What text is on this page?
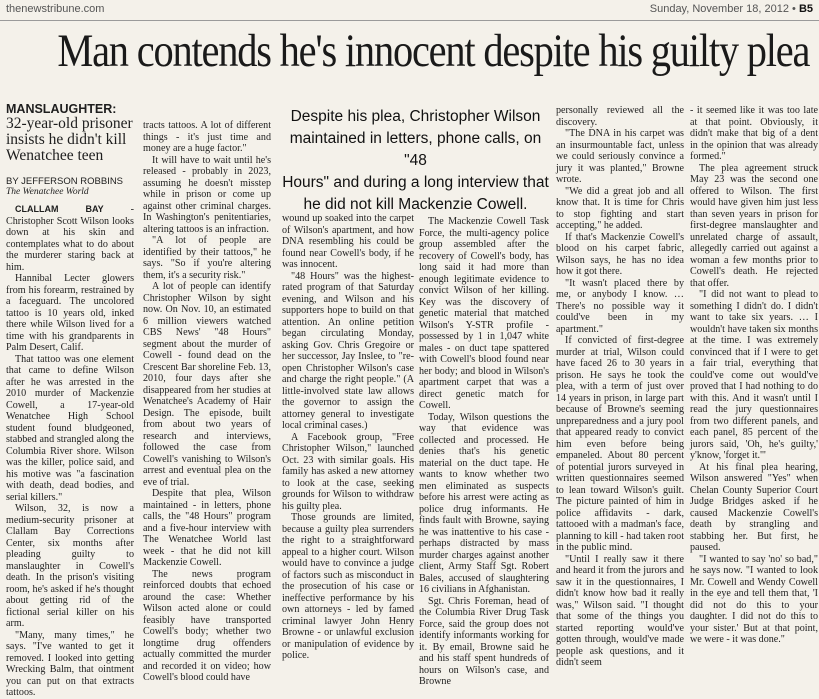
thenewstribune.com	Sunday, November 18, 2012 • B5
Man contends he's innocent despite his guilty plea

MANSLAUGHTER:

32-year-old prisoner insists he didn't kill Wenatchee teen

BY JEFFERSON ROBBINS

The Wenatchee World

CLALLAM BAY - Christopher Scott Wilson looks down at his skin and contemplates what to do about the murderer staring back at him.

Hannibal Lecter glowers from his forearm, restrained by a faceguard. The uncolored tattoo is 10 years old, inked there while Wilson lived for a time with his grandparents in Palm Desert, Calif.

That tattoo was one element that came to define Wilson after he was arrested in the 2010 murder of Mackenzie Cowell, a 17-year-old Wenatchee High School student found bludgeoned, stabbed and strangled along the Columbia River shore. Wilson was the killer, police said, and his motive was "a fascination with death, dead bodies, and serial killers."

Wilson, 32, is now a medium-security prisoner at Clallam Bay Corrections Center, six months after pleading guilty to manslaughter in Cowell's death. In the prison's visiting room, he's asked if he's thought about getting rid of the fictional serial killer on his arm.

"Many, many times," he says. "I've wanted to get it removed. I looked into getting Wrecking Balm, that ointment you can put on that extracts tattoos.

tracts tattoos. A lot of different things - it's just time and money are a huge factor."

It will have to wait until he's released - probably in 2023, assuming he doesn't misstep while in prison or come up against other criminal charges. In Washington's penitentiaries, altering tattoos is an infraction.

"A lot of people are identified by their tattoos," he says. "So if you're altering them, it's a security risk."

A lot of people can identify Christopher Wilson by sight now. On Nov. 10, an estimated 6 million viewers watched CBS News' "48 Hours" segment about the murder of Cowell - found dead on the Crescent Bar shoreline Feb. 13, 2010, four days after she disappeared from her studies at Wenatchee's Academy of Hair Design. The episode, built from about two years of research and interviews, followed the case from Cowell's vanishing to Wilson's arrest and eventual plea on the eve of trial.

Despite that plea, Wilson maintained - in letters, phone calls, the "48 Hours" program and a five-hour interview with The Wenatchee World last week - that he did not kill Mackenzie Cowell.

The news program reinforced doubts that echoed around the case: Whether Wilson acted alone or could feasibly have transported Cowell's body; whether two longtime drug offenders actually committed the murder and recorded it on video; how Cowell's blood could have

Despite his plea, Christopher Wilson
maintained in letters, phone calls, on "48
Hours" and during a long interview that
he did not kill Mackenzie Cowell.

wound up soaked into the carpet of Wilson's apartment, and how DNA resembling his could be found near Cowell's body, if he was innocent.

"48 Hours" was the highest-rated program of that Saturday evening, and Wilson and his supporters hope to build on that attention. An online petition began circulating Monday, asking Gov. Chris Gregoire or her successor, Jay Inslee, to "re-open Christopher Wilson's case and charge the right people." (A little-involved state law allows the governor to assign the attorney general to investigate local criminal cases.)

A Facebook group, "Free Christopher Wilson," launched Oct. 23 with similar goals. His family has asked a new attorney to look at the case, seeking grounds for Wilson to withdraw his guilty plea.

Those grounds are limited, because a guilty plea surrenders the right to a straightforward appeal to a higher court. Wilson would have to convince a judge of factors such as misconduct in the prosecution of his case or ineffective performance by his own attorneys - led by famed criminal lawyer John Henry Browne - or unlawful exclusion or manipulation of evidence by police.

The Mackenzie Cowell Task Force, the multi-agency police group assembled after the recovery of Cowell's body, has long said it had more than enough legitimate evidence to convict Wilson of her killing. Key was the discovery of genetic material that matched Wilson's Y-STR profile - possessed by 1 in 1,047 white males - on duct tape spattered with Cowell's blood found near her body; and blood in Wilson's apartment carpet that was a direct genetic match for Cowell.

Today, Wilson questions the way that evidence was collected and processed. He denies that's his genetic material on the duct tape. He wants to know whether two men eliminated as suspects before his arrest were acting as police drug informants. He finds fault with Browne, saying he was inattentive to his case - perhaps distracted by mass murder charges against another client, Army Staff Sgt. Robert Bales, accused of slaughtering 16 civilians in Afghanistan.

Sgt. Chris Foreman, head of the Columbia River Drug Task Force, said the group does not identify informants working for it. By email, Browne said he and his staff spent hundreds of hours on Wilson's case, and Browne

personally reviewed all the discovery.

"The DNA in his carpet was an insurmountable fact, unless we could seriously convince a jury it was planted," Browne wrote.

"We did a great job and all know that. It is time for Chris to stop fighting and start accepting," he added.

If that's Mackenzie Cowell's blood on his carpet fabric, Wilson says, he has no idea how it got there.

"It wasn't placed there by me, or anybody I know. … There's no possible way it could've been in my apartment."

If convicted of first-degree murder at trial, Wilson could have faced 26 to 30 years in prison. He says he took the plea, with a term of just over 14 years in prison, in large part because of Browne's seeming unpreparedness and a jury pool that appeared ready to convict him even before being empaneled. About 80 percent of potential jurors surveyed in written questionnaires seemed to lean toward Wilson's guilt. The picture painted of him in police affidavits - dark, tattooed with a madman's face, planning to kill - had taken root in the public mind.

"Until I really saw it there and heard it from the jurors and saw it in the questionnaires, I didn't know how bad it really was," Wilson said. "I thought that some of the things you started reporting would've gotten through, would've made people ask questions, and it didn't seem

- it seemed like it was too late at that point. Obviously, it didn't make that big of a dent in the opinion that was already formed."

The plea agreement struck May 23 was the second one offered to Wilson. The first would have given him just less than seven years in prison for first-degree manslaughter and unrelated charge of assault, allegedly carried out against a woman a few months prior to Cowell's death. He rejected that offer.

"I did not want to plead to something I didn't do. I didn't want to take six years. … I wouldn't have taken six months at the time. I was extremely convinced that if I were to get a fair trial, everything that could've come out would've proved that I had nothing to do with this. And it wasn't until I read the jury questionnaires from two different panels, and each panel, 85 percent of the jurors said, 'Oh, he's guilty,' y'know, 'forget it.'"

At his final plea hearing, Wilson answered "Yes" when Chelan County Superior Court Judge Bridges asked if he caused Mackenzie Cowell's death by strangling and stabbing her. But first, he paused.

"I wanted to say 'no' so bad," he says now. "I wanted to look Mr. Cowell and Wendy Cowell in the eye and tell them that, 'I did not do this to your daughter. I did not do this to your sister.' But at that point, we were - it was done."
